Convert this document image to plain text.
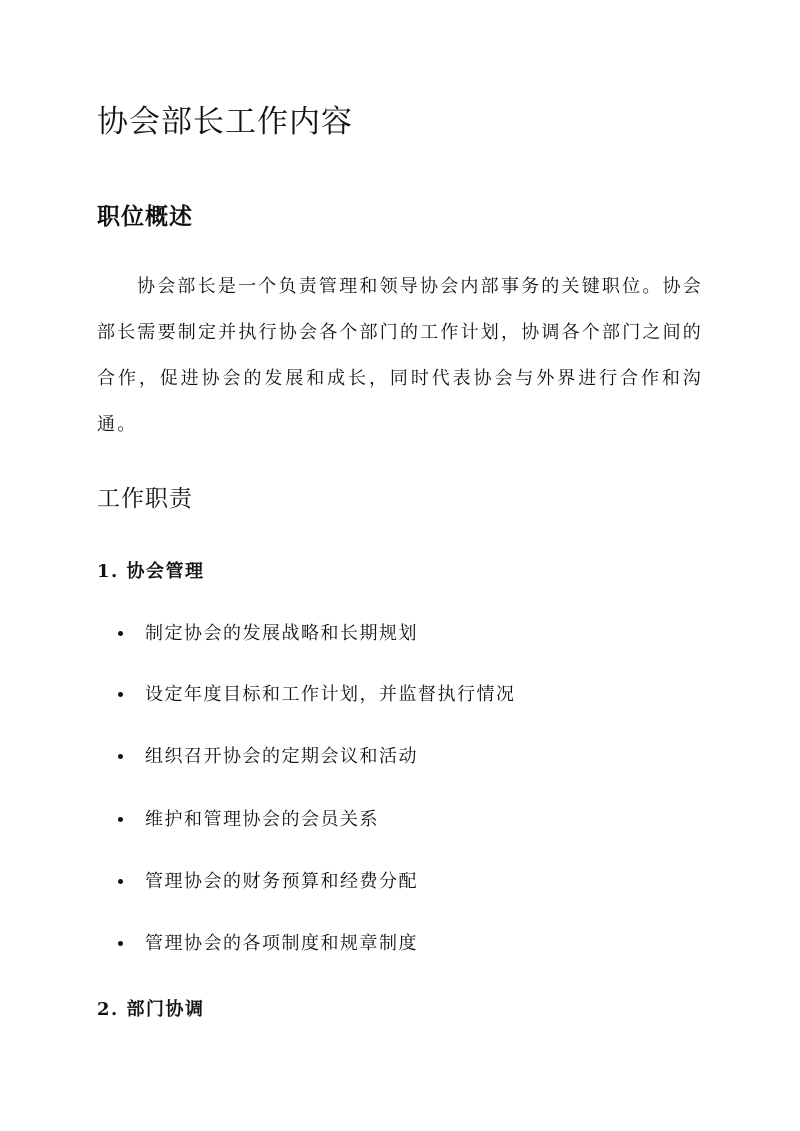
协会部长工作内容
职位概述

协会部长是一个负责管理和领导协会内部事务的关键职位。协会部长需要制定并执行协会各个部门的工作计划，协调各个部门之间的合作，促进协会的发展和成长，同时代表协会与外界进行合作和沟通。

工作职责
1. 协会管理
制定协会的发展战略和长期规划
设定年度目标和工作计划，并监督执行情况
组织召开协会的定期会议和活动
维护和管理协会的会员关系
管理协会的财务预算和经费分配
管理协会的各项制度和规章制度
2. 部门协调
